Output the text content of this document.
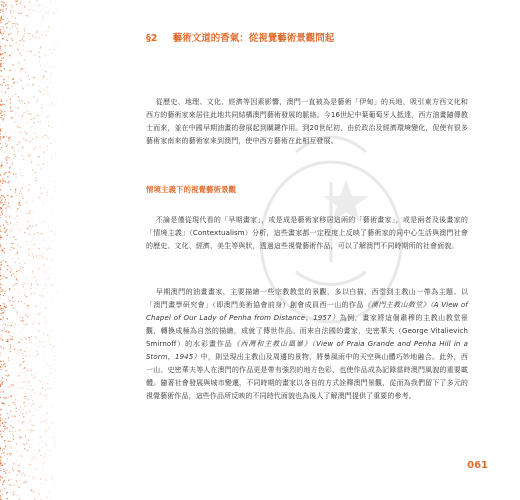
§2 藝術文道的香氣：從視覺藝術景觀問起

從歷史、地理、文化、經濟等因素影響，澳門一直被為是藝術「伊甸」的兵地，吸引東方西文化和西方的藝術家來居住此地共同結構澳門藝術發展的脈絡。今16世紀中葉葡萄牙人抵達，西方油畫隨傳教士而來，並在中國早期油畫的發展起到關鍵作用。到20世紀初，由於政治及經濟環境變化，促使有很多藝術家南來的藝術家來到澳門，使中西方藝術在此相互發展。

情境主義下的視覺藝術景觀

不論是僅從現代看的「早期畫家」，或是成是藝術家移居這兩的「藝術畫家」，或是兩者及後畫家的「情境主義」（Contextualism）分析，這些畫家都一定程度上反映了藝術家的同中心生活與澳門社會的歷史、文化、經濟、美生等與狀，透過這些視覺藝術作品，可以了解澳門不同時期所的社會面貌。

早期澳門的油畫畫家，主要描繪一些宗教教堂的景觀，多以白描，西堂到主教山一帶為主題。以「澳門畫學研究會」（即澳門美術協會前身）創會成員西一山的作品《澳門主教山教堂》（A View of Chapel of Our Lady of Penha from Distance，1957）為例，畫家將這個肅穆的主教山教堂景觀，轉換成極為自然的描繪，成就了傳世作品。而來自法國的畫家，史密華夫（George Vitalievich Smirnoff）的水彩畫作品《西灣和主教山風暴》（View of Praia Grande and Penha Hill in a Storm，1945）中，則呈現出主教山及周邊的景物，將暴風雨中的天空與山體巧妙地融合。此外，西一山、史密華夫等人在澳門的作品更是帶有強烈的地方色彩，也使作品成為記錄當時澳門風貌的重要載體。隨著社會發展與城市變遷，不同時期的畫家以各自的方式詮釋澳門景觀，從而為我們留下了多元的視覺藝術作品，這些作品所反映的不同時代面貌也為後人了解澳門提供了重要的參考。

061
